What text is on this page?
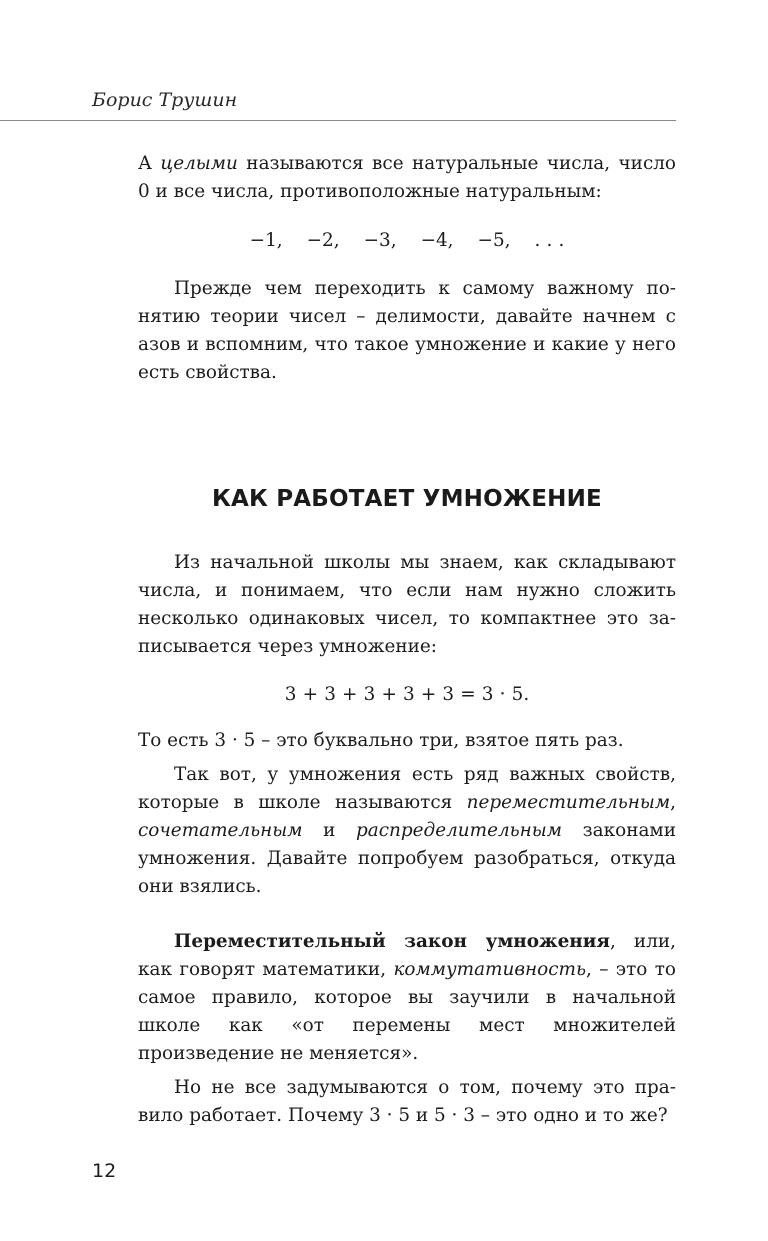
Борис Трушин

А целыми называются все натуральные числа, число 0 и все числа, противоположные натуральным:

−1, −2, −3, −4, −5, . . .

Прежде чем переходить к самому важному понятию теории чисел – делимости, давайте начнем с азов и вспомним, что такое умножение и какие у него есть свойства.

КАК РАБОТАЕТ УМНОЖЕНИЕ

Из начальной школы мы знаем, как складывают числа, и понимаем, что если нам нужно сложить несколько одинаковых чисел, то компактнее это записывается через умножение:

3 + 3 + 3 + 3 + 3 = 3 · 5.

То есть 3 · 5 – это буквально три, взятое пять раз.

Так вот, у умножения есть ряд важных свойств, которые в школе называются переместительным, сочетательным и распределительным законами умножения. Давайте попробуем разобраться, откуда они взялись.

Переместительный закон умножения, или, как говорят математики, коммутативность, – это то самое правило, которое вы заучили в начальной школе как «от перемены мест множителей произведение не меняется».

Но не все задумываются о том, почему это правило работает. Почему 3 · 5 и 5 · 3 – это одно и то же?

12
